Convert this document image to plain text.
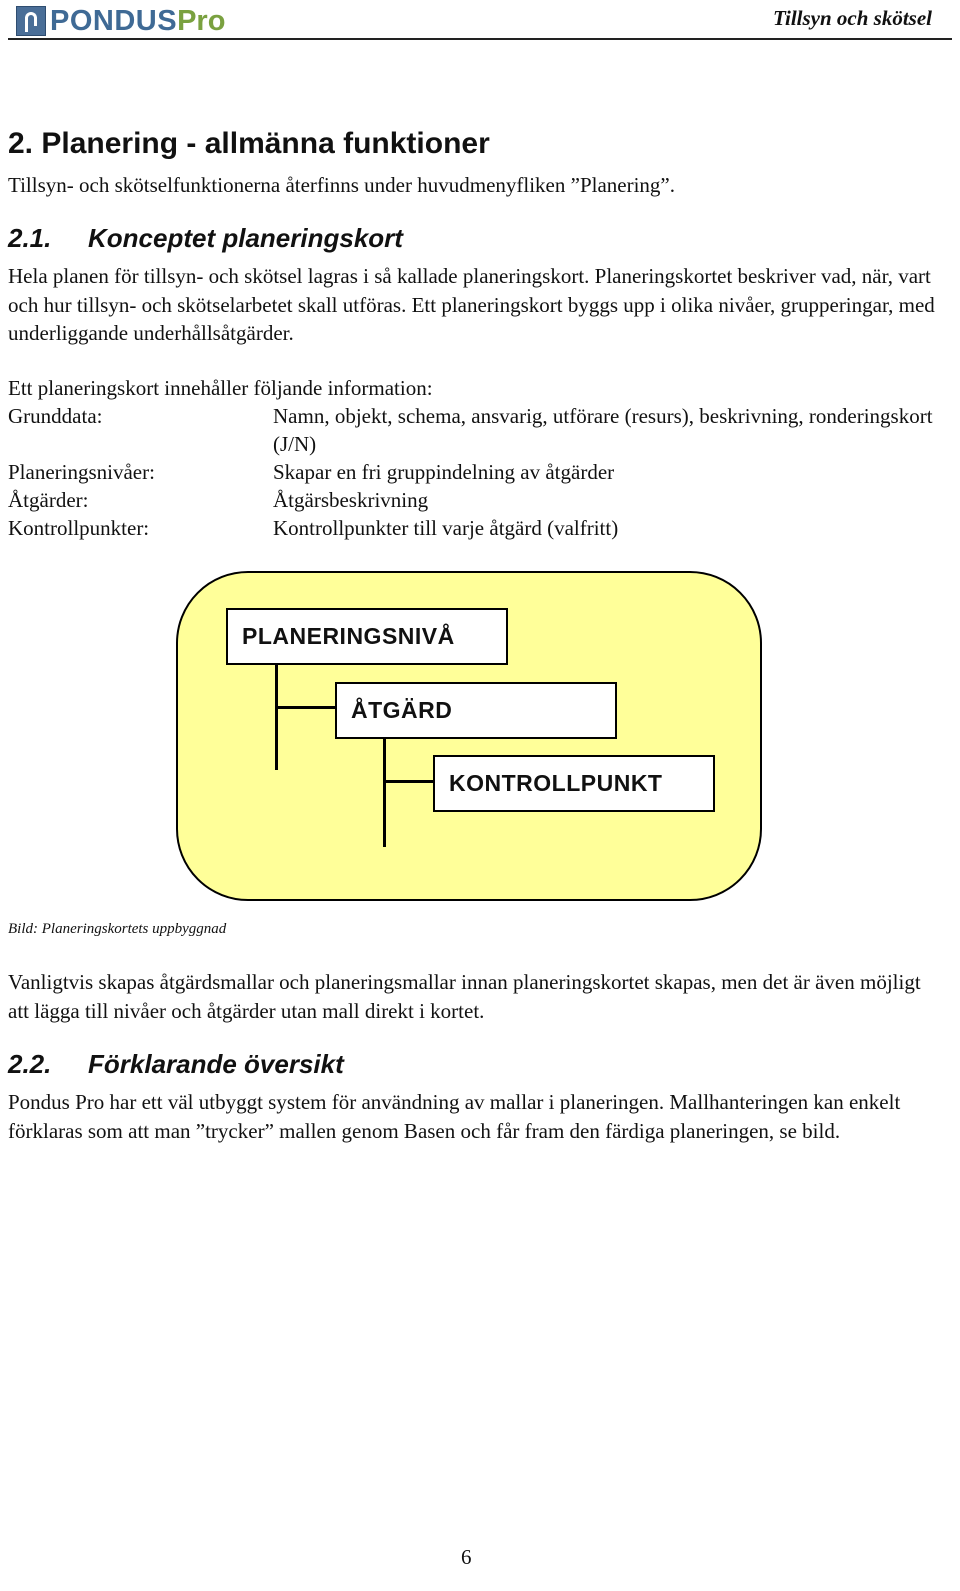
PONDUS Pro	Tillsyn och skötsel
2. Planering - allmänna funktioner

Tillsyn- och skötselfunktionerna återfinns under huvudmenyfliken ”Planering”.

2.1. Konceptet planeringskort

Hela planen för tillsyn- och skötsel lagras i så kallade planeringskort. Planeringskortet beskriver vad, när, vart och hur tillsyn- och skötselarbetet skall utföras. Ett planeringskort byggs upp i olika nivåer, grupperingar, med underliggande underhållsåtgärder.

Ett planeringskort innehåller följande information:

Grunddata:	Namn, objekt, schema, ansvarig, utförare (resurs), beskrivning, ronderingskort (J/N)
Planeringsnivåer:	Skapar en fri gruppindelning av åtgärder
Åtgärder:	Åtgärsbeskrivning
Kontrollpunkter:	Kontrollpunkter till varje åtgärd (valfritt)
PLANERINGSNIVÅ
ÅTGÄRD
KONTROLLPUNKT
Bild: Planeringskortets uppbyggnad

Vanligtvis skapas åtgärdsmallar och planeringsmallar innan planeringskortet skapas, men det är även möjligt att lägga till nivåer och åtgärder utan mall direkt i kortet.

2.2. Förklarande översikt

Pondus Pro har ett väl utbyggt system för användning av mallar i planeringen. Mallhanteringen kan enkelt förklaras som att man ”trycker” mallen genom Basen och får fram den färdiga planeringen, se bild.

6
